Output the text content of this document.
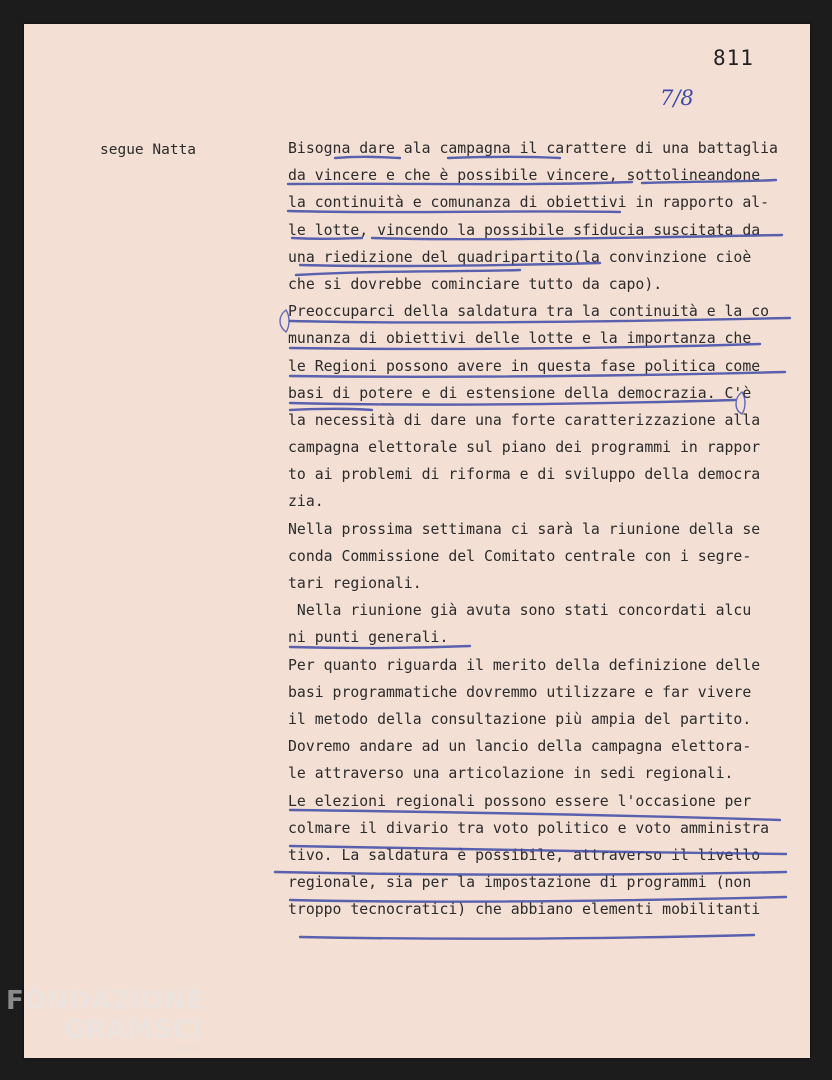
811
7/8
segue Natta	Bisogna dare ala campagna il carattere di una battaglia
da vincere e che è possibile vincere, sottolineandone
la continuità e comunanza di obiettivi in rapporto al-
le lotte, vincendo la possibile sfiducia suscitata da
una riedizione del quadripartito(la convinzione cioè
che si dovrebbe cominciare tutto da capo).
Preoccuparci della saldatura tra la continuità e la co
munanza di obiettivi delle lotte e la importanza che
le Regioni possono avere in questa fase politica come
basi di potere e di estensione della democrazia. C'è
la necessità di dare una forte caratterizzazione alla
campagna elettorale sul piano dei programmi in rappor
to ai problemi di riforma e di sviluppo della democra
zia.
Nella prossima settimana ci sarà la riunione della se
conda Commissione del Comitato centrale con i segre-
tari regionali.
Nella riunione già avuta sono stati concordati alcu
ni punti generali.
Per quanto riguarda il merito della definizione delle
basi programmatiche dovremmo utilizzare e far vivere
il metodo della consultazione più ampia del partito.
Dovremo andare ad un lancio della campagna elettora-
le attraverso una articolazione in sedi regionali.
Le elezioni regionali possono essere l'occasione per
colmare il divario tra voto politico e voto amministra
tivo. La saldatura è possibile, attraverso il livello
regionale, sia per la impostazione di programmi (non
troppo tecnocratici) che abbiano elementi mobilitanti
FONDAZIONE
GRAMSCI
onlus
